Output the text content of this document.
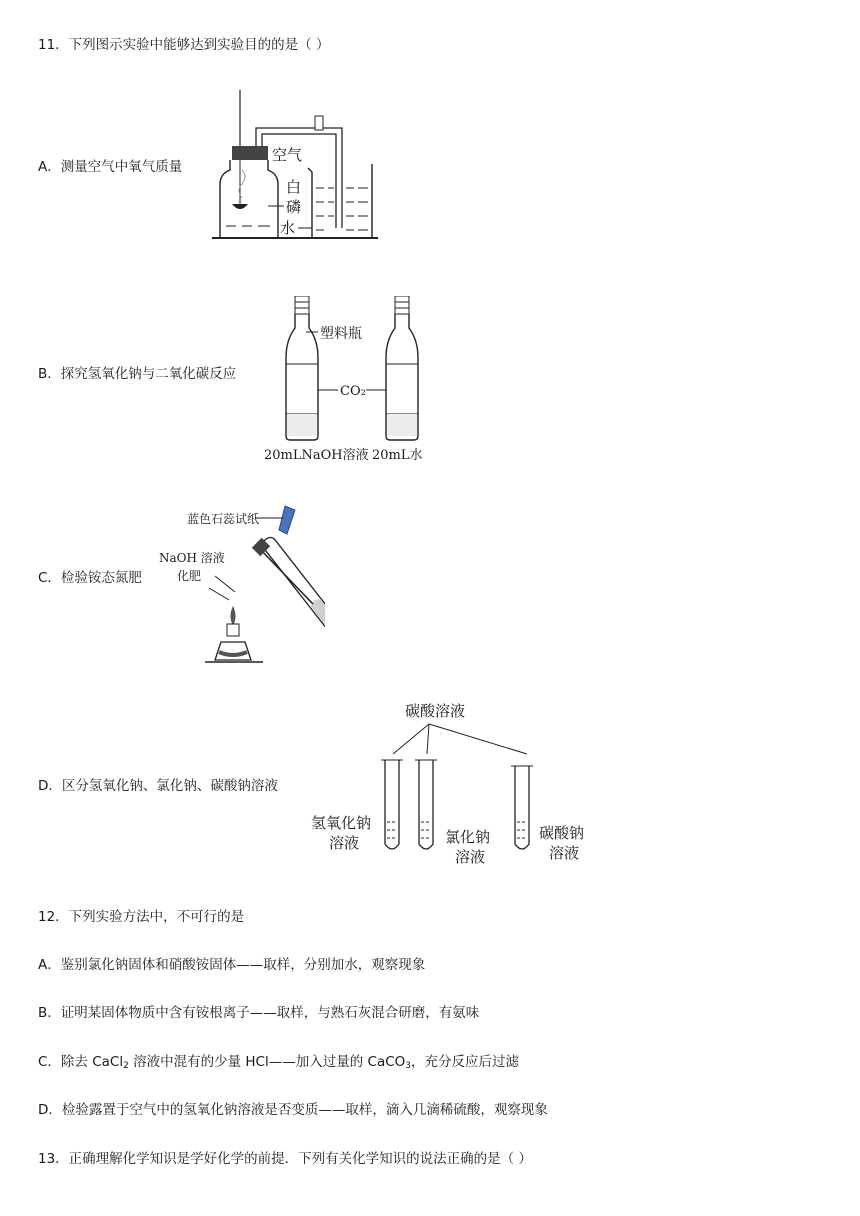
11．下列图示实验中能够达到实验目的的是（ ）
A．测量空气中氧气质量
空气
白
磷
水
B．探究氢氧化钠与二氧化碳反应
塑料瓶
CO₂
20mLNaOH溶液 20mL水
C．检验铵态氮肥
蓝色石蕊试纸
NaOH 溶液
化肥
D．区分氢氧化钠、氯化钠、碳酸钠溶液
碳酸溶液
氢氧化钠
溶液	氯化钠
溶液
碳酸钠
溶液
12．下列实验方法中，不可行的是
A．鉴别氯化钠固体和硝酸铵固体——取样，分别加水，观察现象
B．证明某固体物质中含有铵根离子——取样，与熟石灰混合研磨，有氨味
C．除去 CaCl$_2$ 溶液中混有的少量 HCl——加入过量的 CaCO$_3$，充分反应后过滤
D．检验露置于空气中的氢氧化钠溶液是否变质——取样，滴入几滴稀硫酸，观察现象
13．正确理解化学知识是学好化学的前提．下列有关化学知识的说法正确的是（ ）
